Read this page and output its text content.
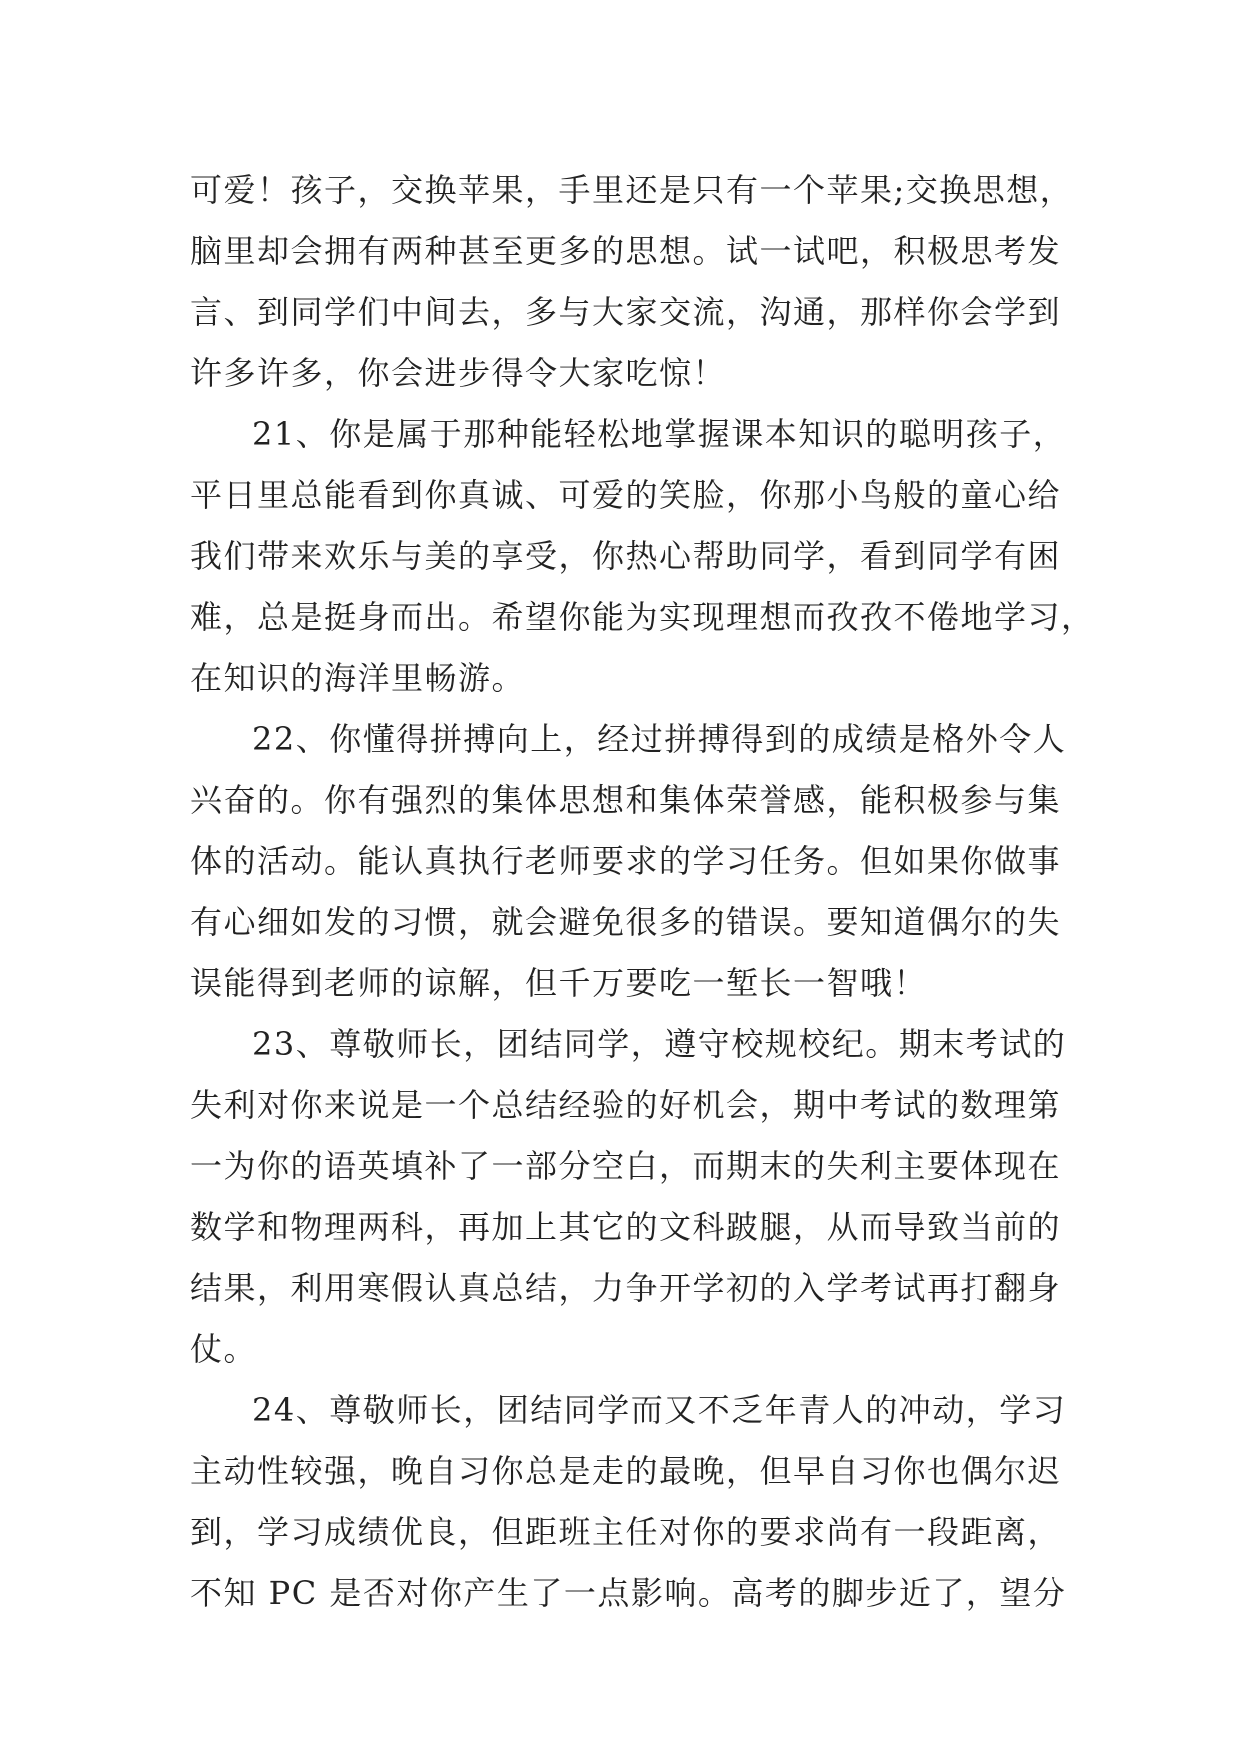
可爱！孩子，交换苹果，手里还是只有一个苹果;交换思想，
脑里却会拥有两种甚至更多的思想。试一试吧，积极思考发
言、到同学们中间去，多与大家交流，沟通，那样你会学到
许多许多，你会进步得令大家吃惊！
21、你是属于那种能轻松地掌握课本知识的聪明孩子，
平日里总能看到你真诚、可爱的笑脸，你那小鸟般的童心给
我们带来欢乐与美的享受，你热心帮助同学，看到同学有困
难，总是挺身而出。希望你能为实现理想而孜孜不倦地学习，
在知识的海洋里畅游。
22、你懂得拼搏向上，经过拼搏得到的成绩是格外令人
兴奋的。你有强烈的集体思想和集体荣誉感，能积极参与集
体的活动。能认真执行老师要求的学习任务。但如果你做事
有心细如发的习惯，就会避免很多的错误。要知道偶尔的失
误能得到老师的谅解，但千万要吃一堑长一智哦！
23、尊敬师长，团结同学，遵守校规校纪。期末考试的
失利对你来说是一个总结经验的好机会，期中考试的数理第
一为你的语英填补了一部分空白，而期末的失利主要体现在
数学和物理两科，再加上其它的文科跛腿，从而导致当前的
结果，利用寒假认真总结，力争开学初的入学考试再打翻身
仗。
24、尊敬师长，团结同学而又不乏年青人的冲动，学习
主动性较强，晚自习你总是走的最晚，但早自习你也偶尔迟
到，学习成绩优良，但距班主任对你的要求尚有一段距离，
不知 PC 是否对你产生了一点影响。高考的脚步近了，望分
